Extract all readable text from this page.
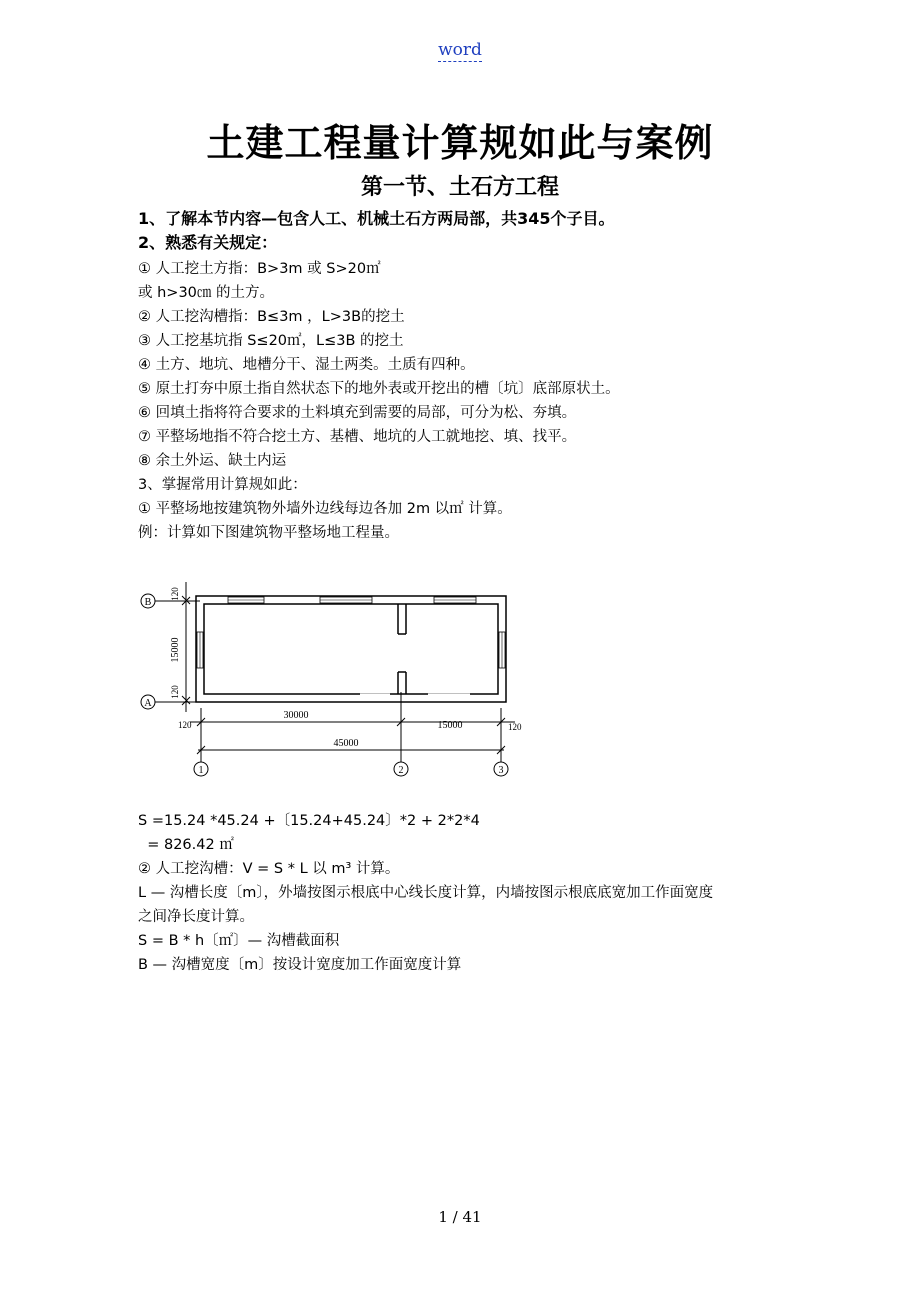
word
土建工程量计算规如此与案例
第一节、土石方工程
1、了解本节内容—包含人工、机械土石方两局部，共345个子目。
2、熟悉有关规定：
① 人工挖土方指：B>3m 或 S>20㎡
或 h>30㎝ 的土方。
② 人工挖沟槽指：B≤3m ，L>3B的挖土
③ 人工挖基坑指 S≤20㎡，L≤3B 的挖土
④ 土方、地坑、地槽分干、湿土两类。土质有四种。
⑤ 原土打夯中原土指自然状态下的地外表或开挖出的槽〔坑〕底部原状土。
⑥ 回填土指将符合要求的土料填充到需要的局部，可分为松、夯填。
⑦ 平整场地指不符合挖土方、基槽、地坑的人工就地挖、填、找平。
⑧ 余土外运、缺土内运
3、掌握常用计算规如此：
① 平整场地按建筑物外墙外边线每边各加 2m 以㎡ 计算。
例：计算如下图建筑物平整场地工程量。
B
A
1	2	3
120
15000
120
120
30000
15000	120
45000
S =15.24 *45.24 +〔15.24+45.24〕*2 + 2*2*4
= 826.42 ㎡
② 人工挖沟槽：V = S * L 以 m³ 计算。
L — 沟槽长度〔m〕，外墙按图示根底中心线长度计算，内墙按图示根底底宽加工作面宽度
之间净长度计算。
S = B * h〔㎡〕— 沟槽截面积
B — 沟槽宽度〔m〕按设计宽度加工作面宽度计算
1 / 41
